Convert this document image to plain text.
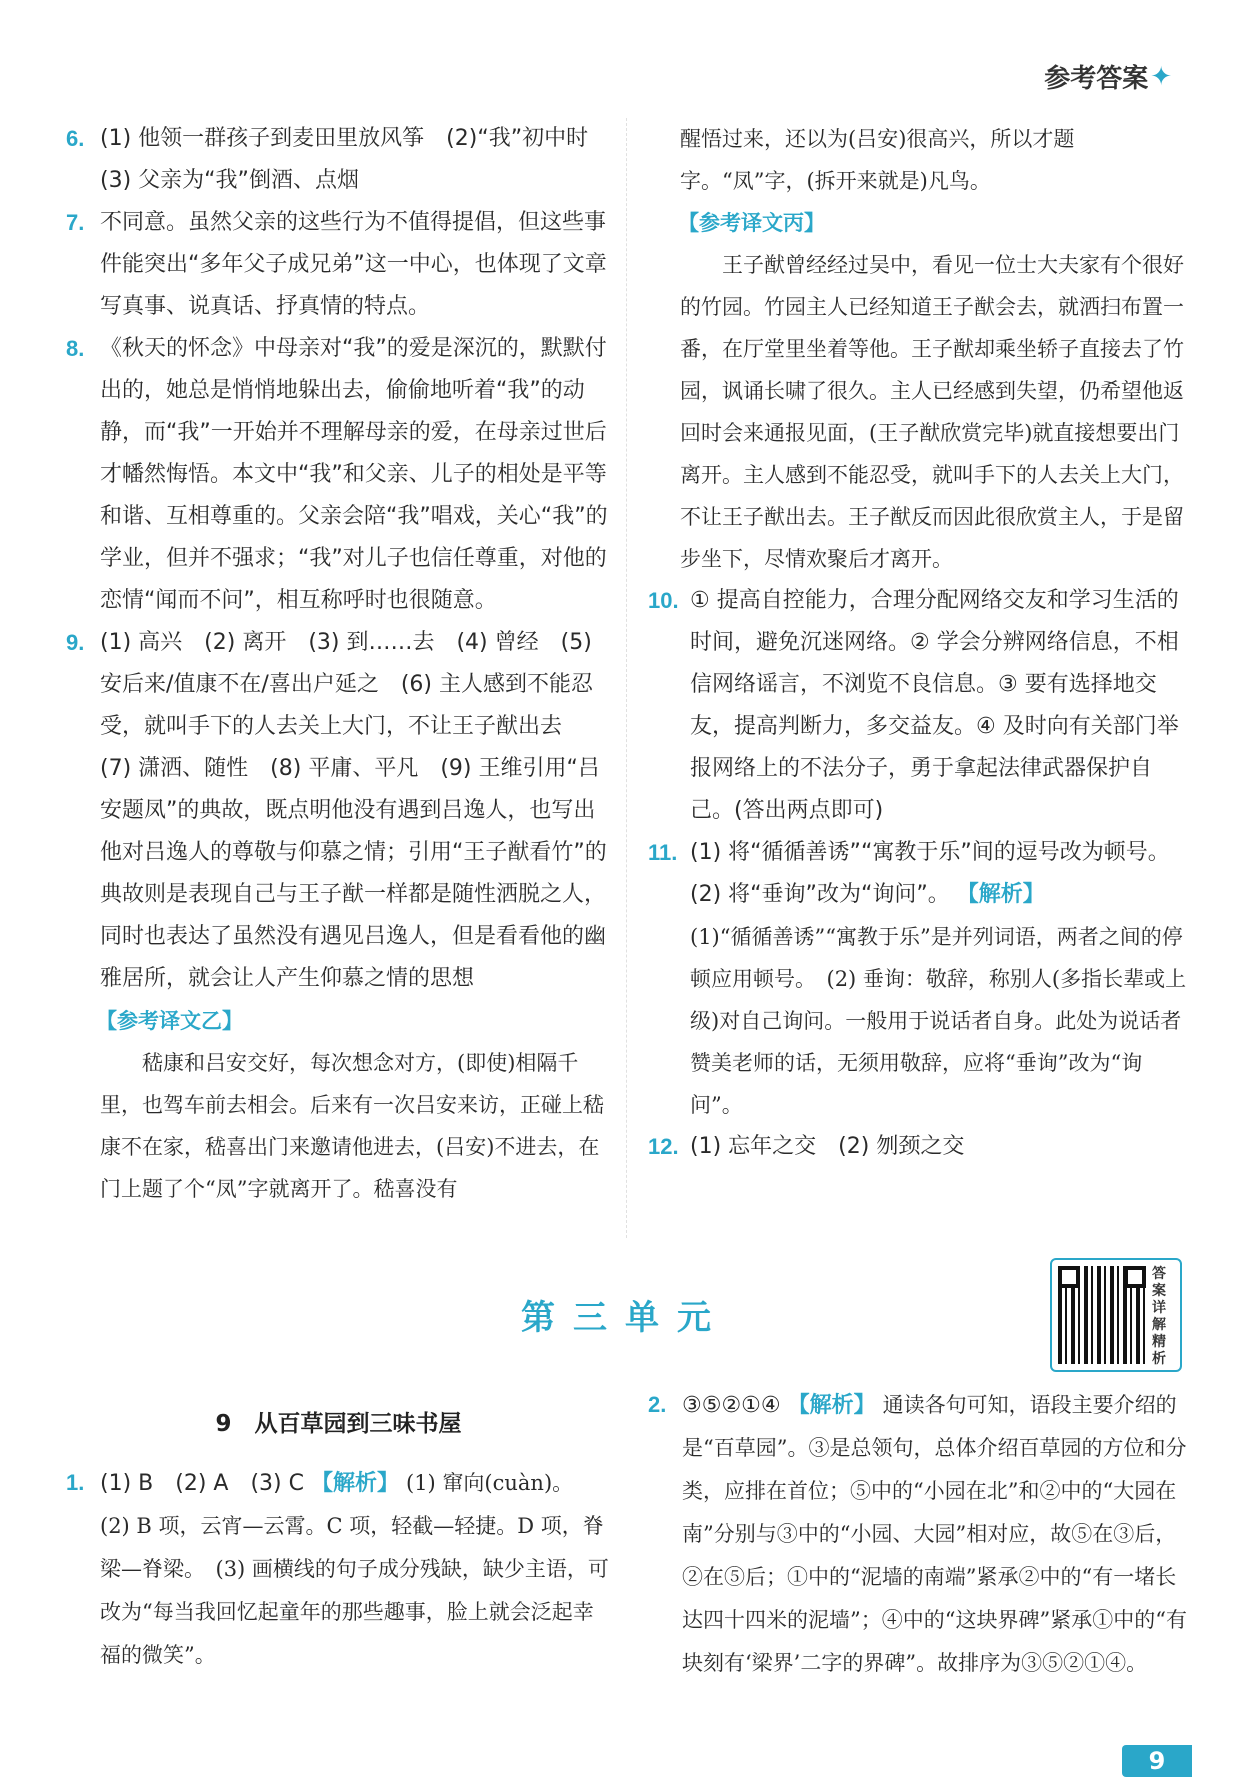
参考答案 ✦
6. (1) 他领一群孩子到麦田里放风筝　(2)“我”初中时　(3) 父亲为“我”倒酒、点烟
7. 不同意。虽然父亲的这些行为不值得提倡，但这些事件能突出“多年父子成兄弟”这一中心，也体现了文章写真事、说真话、抒真情的特点。
8. 《秋天的怀念》中母亲对“我”的爱是深沉的，默默付出的，她总是悄悄地躲出去，偷偷地听着“我”的动静，而“我”一开始并不理解母亲的爱，在母亲过世后才幡然悔悟。本文中“我”和父亲、儿子的相处是平等和谐、互相尊重的。父亲会陪“我”唱戏，关心“我”的学业，但并不强求；“我”对儿子也信任尊重，对他的恋情“闻而不问”，相互称呼时也很随意。
9. (1) 高兴　(2) 离开　(3) 到……去　(4) 曾经　(5) 安后来/值康不在/喜出户延之　(6) 主人感到不能忍受，就叫手下的人去关上大门，不让王子猷出去　(7) 潇洒、随性　(8) 平庸、平凡　(9) 王维引用“吕安题凤”的典故，既点明他没有遇到吕逸人，也写出他对吕逸人的尊敬与仰慕之情；引用“王子猷看竹”的典故则是表现自己与王子猷一样都是随性洒脱之人，同时也表达了虽然没有遇见吕逸人，但是看看他的幽雅居所，就会让人产生仰慕之情的思想
【参考译文乙】
嵇康和吕安交好，每次想念对方，(即使)相隔千里，也驾车前去相会。后来有一次吕安来访，正碰上嵇康不在家，嵇喜出门来邀请他进去，(吕安)不进去，在门上题了个“凤”字就离开了。嵇喜没有
醒悟过来，还以为(吕安)很高兴，所以才题字。“凤”字，(拆开来就是)凡鸟。
【参考译文丙】
王子猷曾经经过吴中，看见一位士大夫家有个很好的竹园。竹园主人已经知道王子猷会去，就洒扫布置一番，在厅堂里坐着等他。王子猷却乘坐轿子直接去了竹园，讽诵长啸了很久。主人已经感到失望，仍希望他返回时会来通报见面，(王子猷欣赏完毕)就直接想要出门离开。主人感到不能忍受，就叫手下的人去关上大门，不让王子猷出去。王子猷反而因此很欣赏主人，于是留步坐下，尽情欢聚后才离开。
10. ① 提高自控能力，合理分配网络交友和学习生活的时间，避免沉迷网络。② 学会分辨网络信息，不相信网络谣言，不浏览不良信息。③ 要有选择地交友，提高判断力，多交益友。④ 及时向有关部门举报网络上的不法分子，勇于拿起法律武器保护自己。(答出两点即可)
11. (1) 将“循循善诱”“寓教于乐”间的逗号改为顿号。　(2) 将“垂询”改为“询问”。 【解析】
(1)“循循善诱”“寓教于乐”是并列词语，两者之间的停顿应用顿号。　(2) 垂询：敬辞，称别人(多指长辈或上级)对自己询问。一般用于说话者自身。此处为说话者赞美老师的话，无须用敬辞，应将“垂询”改为“询问”。
12. (1) 忘年之交　(2) 刎颈之交
答案详解精析
第三单元
9　从百草园到三味书屋
1. (1) B　(2) A　(3) C 【解析】 (1) 窜向(cuàn)。　(2) B 项，云宵—云霄。C 项，轻截—轻捷。D 项，脊梁—脊梁。　(3) 画横线的句子成分残缺，缺少主语，可改为“每当我回忆起童年的那些趣事，脸上就会泛起幸福的微笑”。
2. ③⑤②①④ 【解析】 通读各句可知，语段主要介绍的是“百草园”。③是总领句，总体介绍百草园的方位和分类，应排在首位；⑤中的“小园在北”和②中的“大园在南”分别与③中的“小园、大园”相对应，故⑤在③后，②在⑤后；①中的“泥墙的南端”紧承②中的“有一堵长达四十四米的泥墙”；④中的“这块界碑”紧承①中的“有块刻有‘梁界’二字的界碑”。故排序为③⑤②①④。
9
